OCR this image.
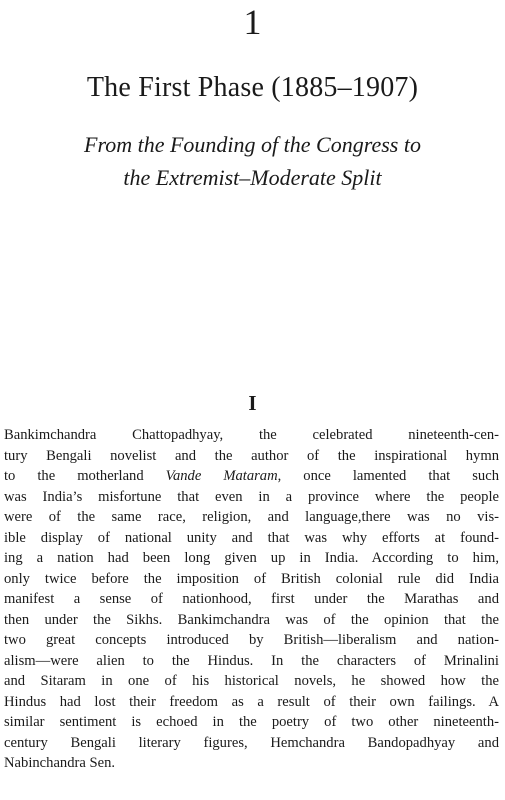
1
The First Phase (1885–1907)
From the Founding of the Congress to
the Extremist–Moderate Split
I

Bankimchandra Chattopadhyay, the celebrated nineteenth-cen-
tury Bengali novelist and the author of the inspirational hymn
to the motherland Vande Mataram, once lamented that such
was India’s misfortune that even in a province where the people
were of the same race, religion, and language,there was no vis-
ible display of national unity and that was why efforts at found-
ing a nation had been long given up in India. According to him,
only twice before the imposition of British colonial rule did India
manifest a sense of nationhood, first under the Marathas and
then under the Sikhs. Bankimchandra was of the opinion that the
two great concepts introduced by British—liberalism and nation-
alism—were alien to the Hindus. In the characters of Mrinalini
and Sitaram in one of his historical novels, he showed how the
Hindus had lost their freedom as a result of their own failings. A
similar sentiment is echoed in the poetry of two other nineteenth-
century Bengali literary figures, Hemchandra Bandopadhyay and
Nabinchandra Sen.
